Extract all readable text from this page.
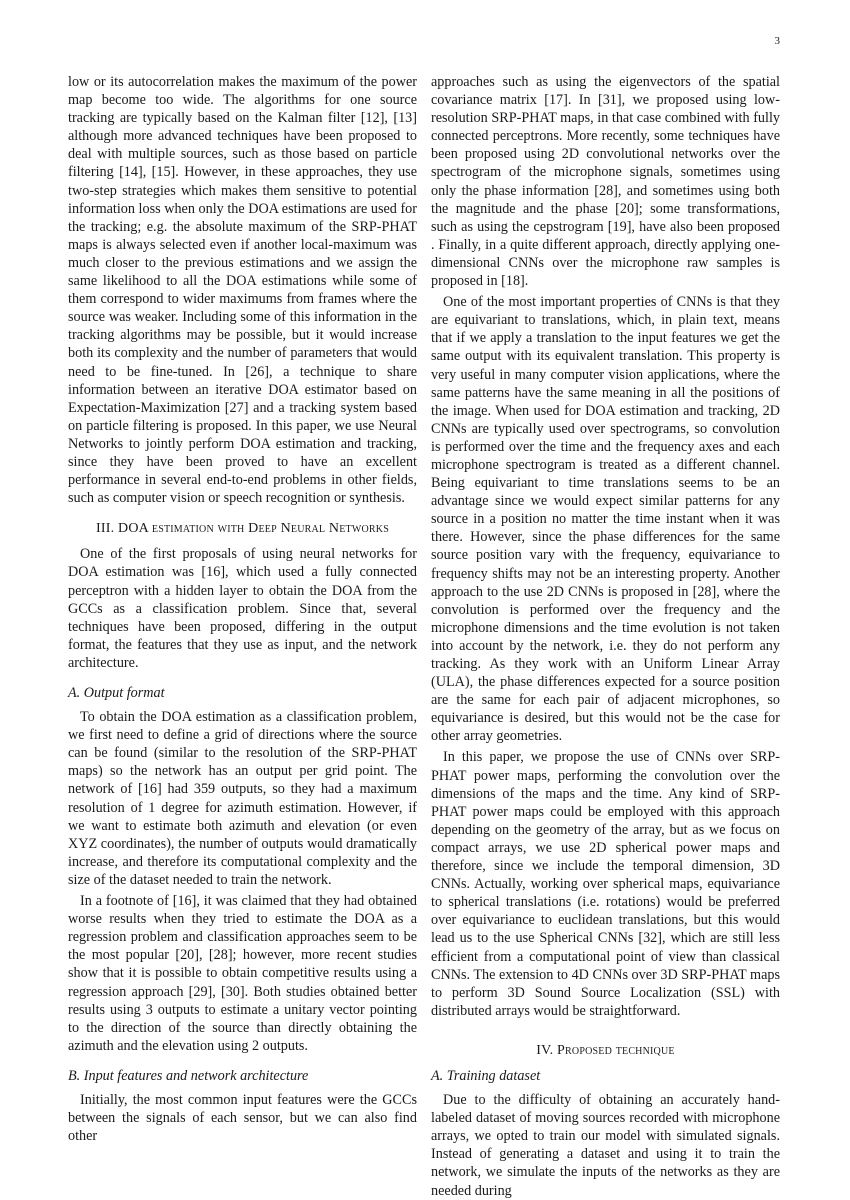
3

low or its autocorrelation makes the maximum of the power map become too wide. The algorithms for one source tracking are typically based on the Kalman filter [12], [13] although more advanced techniques have been proposed to deal with multiple sources, such as those based on particle filtering [14], [15]. However, in these approaches, they use two-step strategies which makes them sensitive to potential information loss when only the DOA estimations are used for the tracking; e.g. the absolute maximum of the SRP-PHAT maps is always selected even if another local-maximum was much closer to the previous estimations and we assign the same likelihood to all the DOA estimations while some of them correspond to wider maximums from frames where the source was weaker. Including some of this information in the tracking algorithms may be possible, but it would increase both its complexity and the number of parameters that would need to be fine-tuned. In [26], a technique to share information between an iterative DOA estimator based on Expectation-Maximization [27] and a tracking system based on particle filtering is proposed. In this paper, we use Neural Networks to jointly perform DOA estimation and tracking, since they have been proved to have an excellent performance in several end-to-end problems in other fields, such as computer vision or speech recognition or synthesis.

III. DOA estimation with Deep Neural Networks

One of the first proposals of using neural networks for DOA estimation was [16], which used a fully connected perceptron with a hidden layer to obtain the DOA from the GCCs as a classification problem. Since that, several techniques have been proposed, differing in the output format, the features that they use as input, and the network architecture.

A. Output format

To obtain the DOA estimation as a classification problem, we first need to define a grid of directions where the source can be found (similar to the resolution of the SRP-PHAT maps) so the network has an output per grid point. The network of [16] had 359 outputs, so they had a maximum resolution of 1 degree for azimuth estimation. However, if we want to estimate both azimuth and elevation (or even XYZ coordinates), the number of outputs would dramatically increase, and therefore its computational complexity and the size of the dataset needed to train the network.

In a footnote of [16], it was claimed that they had obtained worse results when they tried to estimate the DOA as a regression problem and classification approaches seem to be the most popular [20], [28]; however, more recent studies show that it is possible to obtain competitive results using a regression approach [29], [30]. Both studies obtained better results using 3 outputs to estimate a unitary vector pointing to the direction of the source than directly obtaining the azimuth and the elevation using 2 outputs.

B. Input features and network architecture

Initially, the most common input features were the GCCs between the signals of each sensor, but we can also find other

approaches such as using the eigenvectors of the spatial covariance matrix [17]. In [31], we proposed using low-resolution SRP-PHAT maps, in that case combined with fully connected perceptrons. More recently, some techniques have been proposed using 2D convolutional networks over the spectrogram of the microphone signals, sometimes using only the phase information [28], and sometimes using both the magnitude and the phase [20]; some transformations, such as using the cepstrogram [19], have also been proposed . Finally, in a quite different approach, directly applying one-dimensional CNNs over the microphone raw samples is proposed in [18].

One of the most important properties of CNNs is that they are equivariant to translations, which, in plain text, means that if we apply a translation to the input features we get the same output with its equivalent translation. This property is very useful in many computer vision applications, where the same patterns have the same meaning in all the positions of the image. When used for DOA estimation and tracking, 2D CNNs are typically used over spectrograms, so convolution is performed over the time and the frequency axes and each microphone spectrogram is treated as a different channel. Being equivariant to time translations seems to be an advantage since we would expect similar patterns for any source in a position no matter the time instant when it was there. However, since the phase differences for the same source position vary with the frequency, equivariance to frequency shifts may not be an interesting property. Another approach to the use 2D CNNs is proposed in [28], where the convolution is performed over the frequency and the microphone dimensions and the time evolution is not taken into account by the network, i.e. they do not perform any tracking. As they work with an Uniform Linear Array (ULA), the phase differences expected for a source position are the same for each pair of adjacent microphones, so equivariance is desired, but this would not be the case for other array geometries.

In this paper, we propose the use of CNNs over SRP-PHAT power maps, performing the convolution over the dimensions of the maps and the time. Any kind of SRP-PHAT power maps could be employed with this approach depending on the geometry of the array, but as we focus on compact arrays, we use 2D spherical power maps and therefore, since we include the temporal dimension, 3D CNNs. Actually, working over spherical maps, equivariance to spherical translations (i.e. rotations) would be preferred over equivariance to euclidean translations, but this would lead us to the use Spherical CNNs [32], which are still less efficient from a computational point of view than classical CNNs. The extension to 4D CNNs over 3D SRP-PHAT maps to perform 3D Sound Source Localization (SSL) with distributed arrays would be straightforward.

IV. Proposed technique
A. Training dataset

Due to the difficulty of obtaining an accurately hand-labeled dataset of moving sources recorded with microphone arrays, we opted to train our model with simulated signals. Instead of generating a dataset and using it to train the network, we simulate the inputs of the networks as they are needed during
